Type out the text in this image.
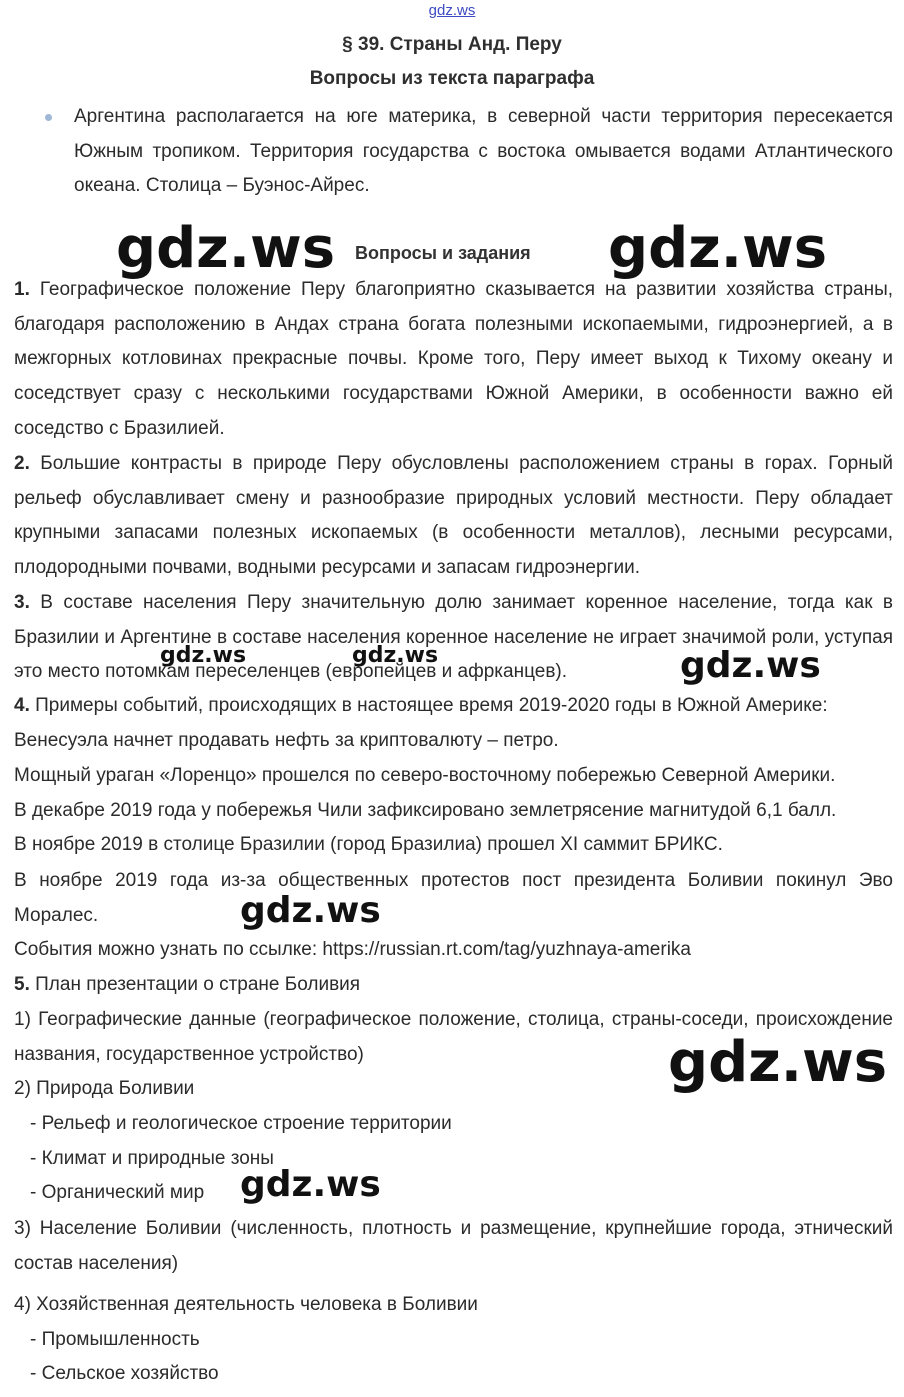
gdz.ws
§ 39. Страны Анд. Перу
Вопросы из текста параграфа
Аргентина располагается на юге материка, в северной части территория пересекается Южным тропиком. Территория государства с востока омывается водами Атлантического океана. Столица – Буэнос-Айрес.
gdz.ws Вопросы и задания gdz.ws
1. Географическое положение Перу благоприятно сказывается на развитии хозяйства страны, благодаря расположению в Андах страна богата полезными ископаемыми, гидроэнергией, а в межгорных котловинах прекрасные почвы. Кроме того, Перу имеет выход к Тихому океану и соседствует сразу с несколькими государствами Южной Америки, в особенности важно ей соседство с Бразилией.
2. Большие контрасты в природе Перу обусловлены расположением страны в горах. Горный рельеф обуславливает смену и разнообразие природных условий местности. Перу обладает крупными запасами полезных ископаемых (в особенности металлов), лесными ресурсами, плодородными почвами, водными ресурсами и запасам гидроэнергии.
3. В составе населения Перу значительную долю занимает коренное население, тогда как в Бразилии и Аргентине в составе населения коренное население не играет значимой роли, уступая это место потомкам переселенцев (европейцев и афрканцев).
gdz.ws	gdz.ws	gdz.ws
4. Примеры событий, происходящих в настоящее время 2019-2020 годы в Южной Америке:
Венесуэла начнет продавать нефть за криптовалюту – петро.
Мощный ураган «Лоренцо» прошелся по северо-восточному побережью Северной Америки.
В декабре 2019 года у побережья Чили зафиксировано землетрясение магнитудой 6,1 балл.
В ноябре 2019 в столице Бразилии (город Бразилиа) прошел XI саммит БРИКС.
В ноябре 2019 года из-за общественных протестов пост президента Боливии покинул Эво Моралес.	gdz.ws
События можно узнать по ссылке: https://russian.rt.com/tag/yuzhnaya-amerika
5. План презентации о стране Боливия
1) Географические данные (географическое положение, столица, страны-соседи, происхождение названия, государственное устройство)	gdz.ws
2) Природа Боливии
- Рельеф и геологическое строение территории
- Климат и природные зоны
- Органический мир gdz.ws
3) Население Боливии (численность, плотность и размещение, крупнейшие города, этнический состав населения)
4) Хозяйственная деятельность человека в Боливии
- Промышленность
- Сельское хозяйство
